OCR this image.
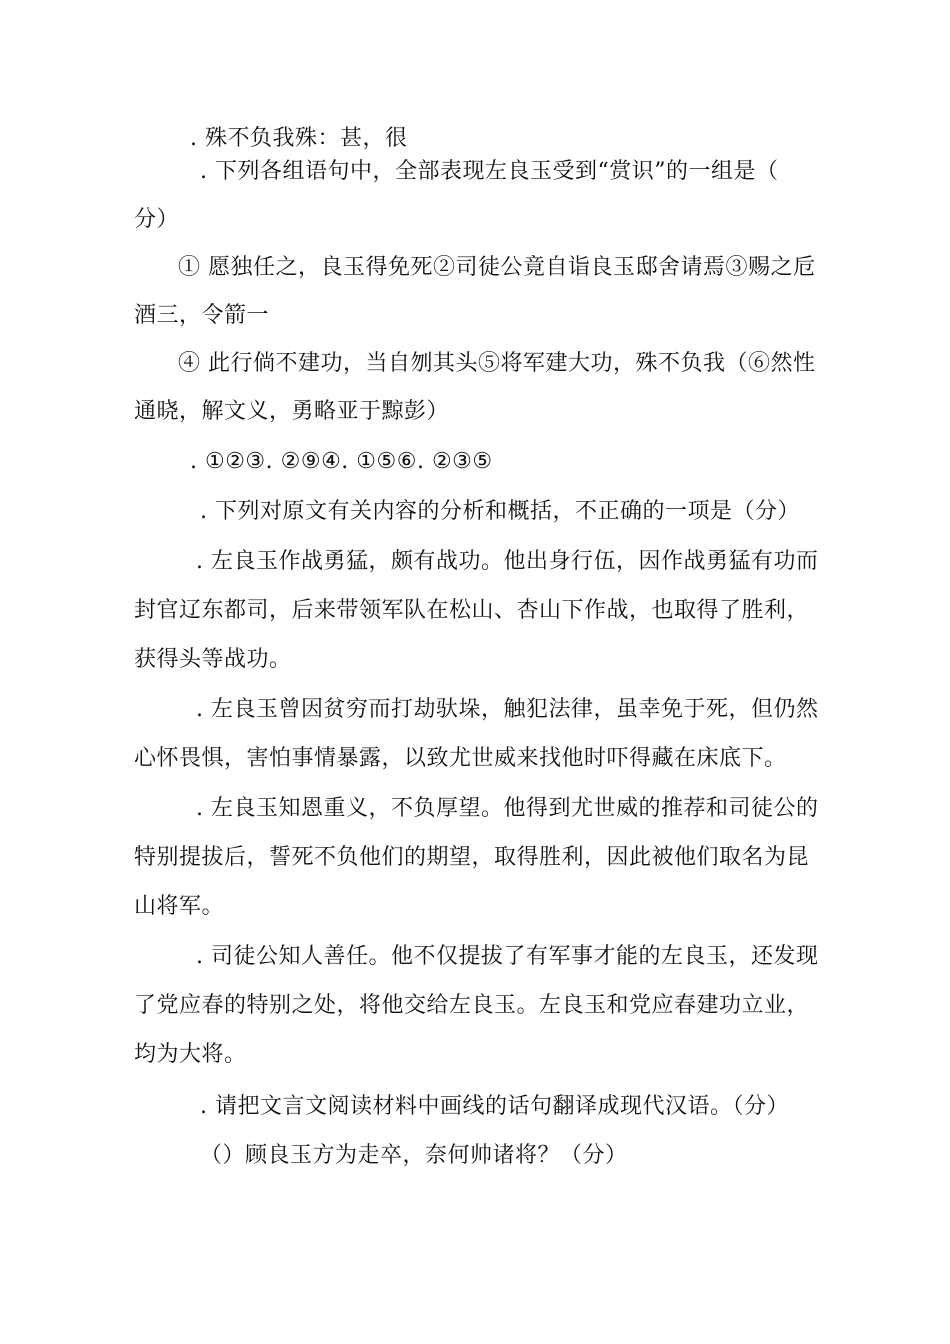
. 殊不负我殊：甚，很
. 下列各组语句中，全部表现左良玉受到“赏识”的一组是（
分）
① 愿独任之，良玉得免死②司徒公竟自诣良玉邸舍请焉③赐之卮
酒三，令箭一
④ 此行倘不建功，当自刎其头⑤将军建大功，殊不负我（⑥然性
通晓，解文义，勇略亚于黥彭）
. ①②③. ②⑨④. ①⑤⑥. ②③⑤
. 下列对原文有关内容的分析和概括，不正确的一项是（分）
. 左良玉作战勇猛，颇有战功。他出身行伍，因作战勇猛有功而
封官辽东都司，后来带领军队在松山、杏山下作战，也取得了胜利，
获得头等战功。
. 左良玉曾因贫穷而打劫驮垛，触犯法律，虽幸免于死，但仍然
心怀畏惧，害怕事情暴露，以致尤世威来找他时吓得藏在床底下。
. 左良玉知恩重义，不负厚望。他得到尤世威的推荐和司徒公的
特别提拔后，誓死不负他们的期望，取得胜利，因此被他们取名为昆
山将军。
. 司徒公知人善任。他不仅提拔了有军事才能的左良玉，还发现
了党应春的特别之处，将他交给左良玉。左良玉和党应春建功立业，
均为大将。
. 请把文言文阅读材料中画线的话句翻译成现代汉语。（分）
（）顾良玉方为走卒，奈何帅诸将？（分）
